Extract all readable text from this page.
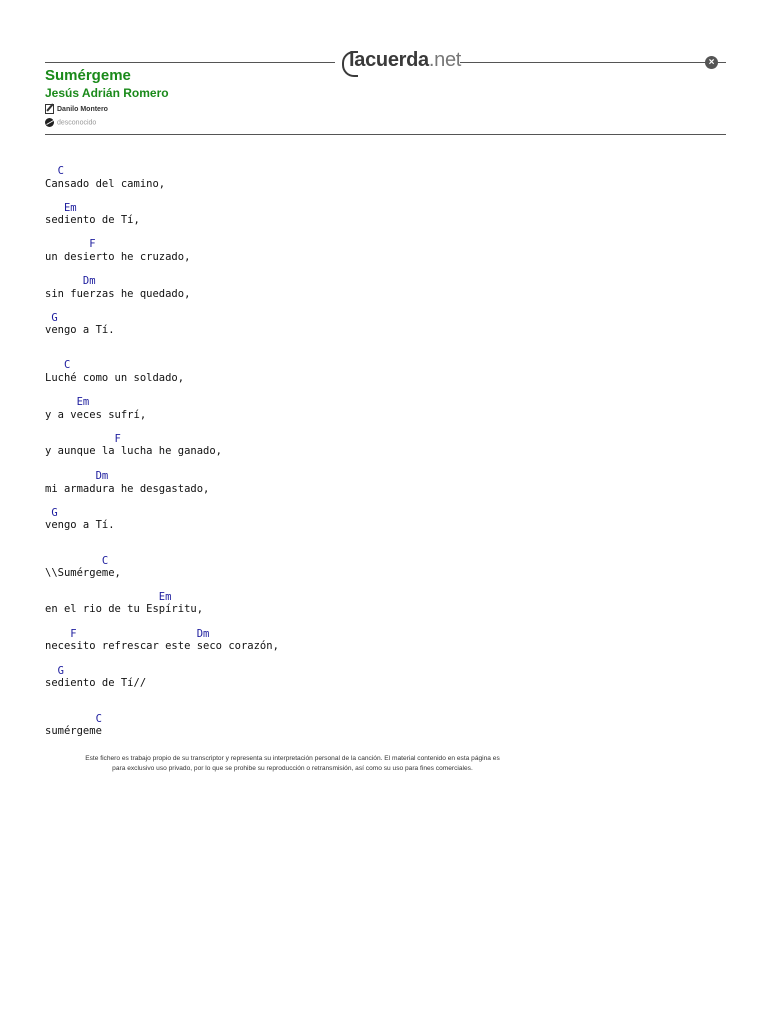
lacuerda.net	×
Sumérgeme
Jesús Adrián Romero
Danilo Montero
desconocido
C
Cansado del camino,
Em
sediento de Tí,
F
un desierto he cruzado,
Dm
sin fuerzas he quedado,
G
vengo a Tí.
C
Luché como un soldado,
Em
y a veces sufrí,
F
y aunque la lucha he ganado,
Dm
mi armadura he desgastado,
G
vengo a Tí.
C
\\Sumérgeme,
Em
en el rio de tu Espíritu,
F                   Dm
necesito refrescar este seco corazón,
G
sediento de Tí//
C
sumérgeme
Este fichero es trabajo propio de su transcriptor y representa su interpretación personal de la canción. El material contenido en esta página es
para exclusivo uso privado, por lo que se prohibe su reproducción o retransmisión, así como su uso para fines comerciales.
